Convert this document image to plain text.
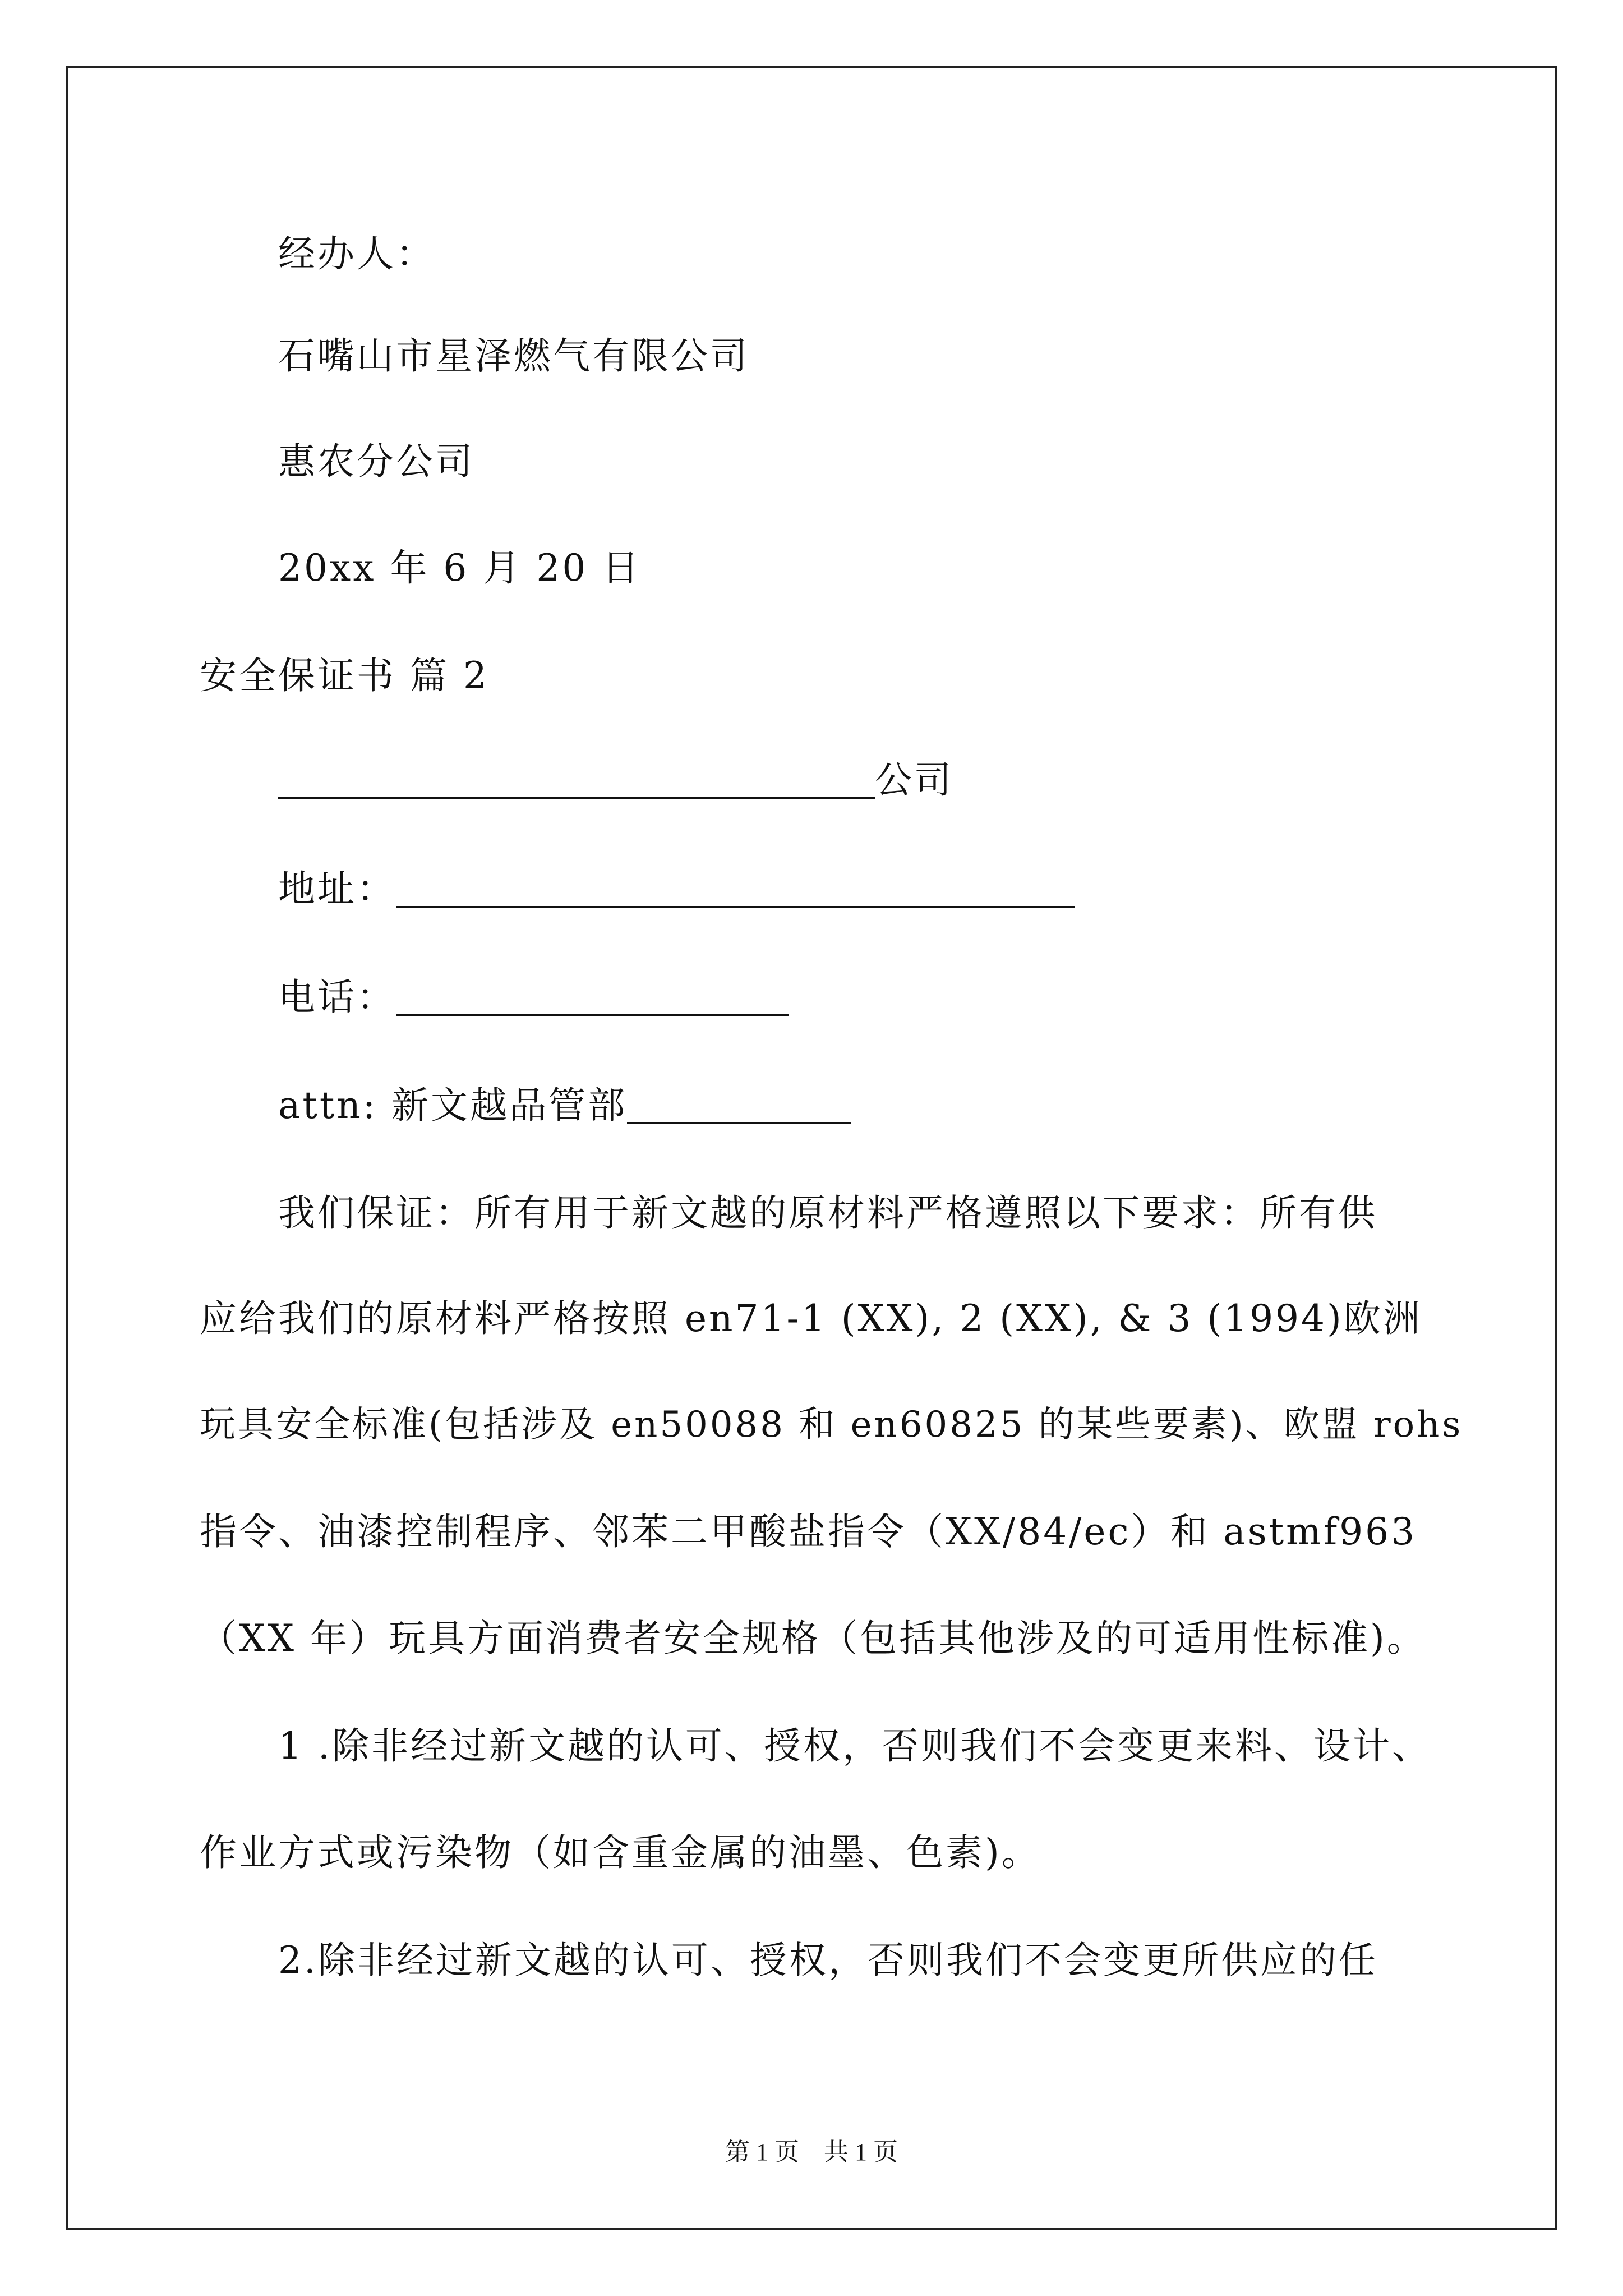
经办人：
石嘴山市星泽燃气有限公司
惠农分公司
20xx 年 6 月 20 日
安全保证书 篇 2
公司
地址：
电话：
attn: 新文越品管部
我们保证：所有用于新文越的原材料严格遵照以下要求：所有供
应给我们的原材料严格按照 en71-1 (XX), 2 (XX), & 3 (1994)欧洲
玩具安全标准(包括涉及 en50088 和 en60825 的某些要素)、欧盟 rohs
指令、油漆控制程序、邻苯二甲酸盐指令（XX/84/ec）和 astmf963
（XX 年）玩具方面消费者安全规格（包括其他涉及的可适用性标准)。
1 .除非经过新文越的认可、授权，否则我们不会变更来料、设计、
作业方式或污染物（如含重金属的油墨、色素)。
2.除非经过新文越的认可、授权，否则我们不会变更所供应的任
第 1 页　共 1 页
